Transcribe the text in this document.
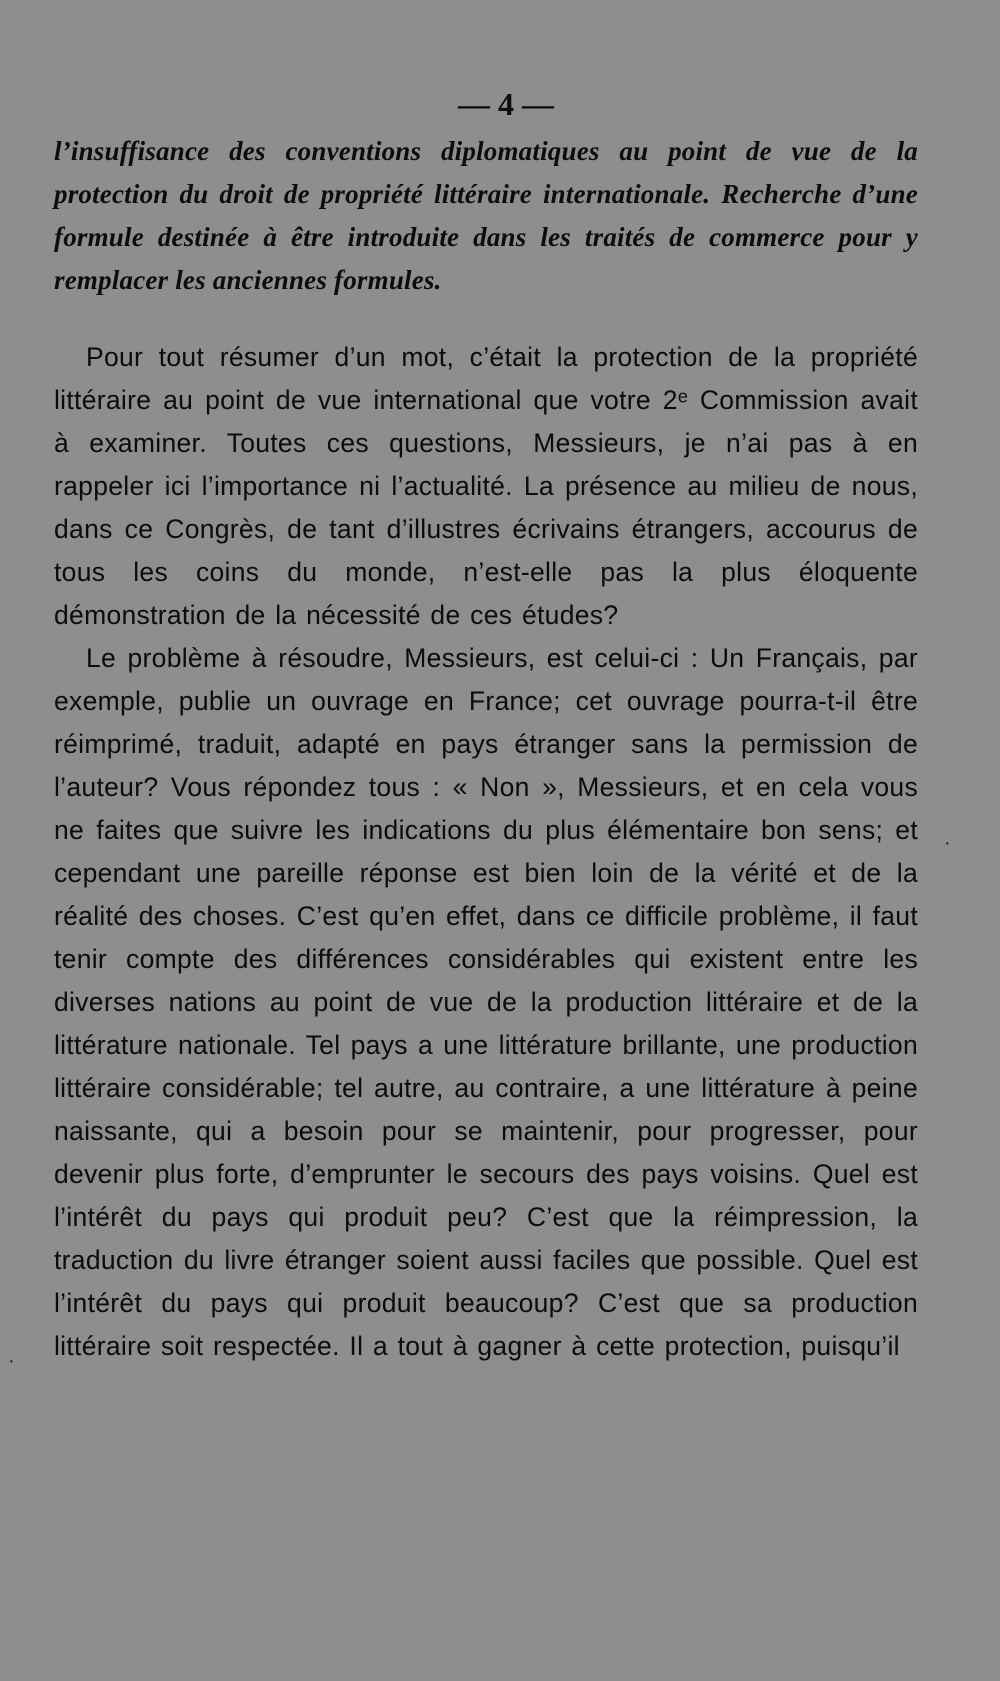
— 4 —

l’insuffisance des conventions diplomatiques au point de vue de la protection du droit de propriété littéraire internationale. Recherche d’une formule destinée à être introduite dans les traités de commerce pour y remplacer les anciennes formules.

Pour tout résumer d’un mot, c’était la protection de la propriété littéraire au point de vue international que votre 2ᵉ Commission avait à examiner. Toutes ces questions, Messieurs, je n’ai pas à en rappeler ici l’importance ni l’actualité. La présence au milieu de nous, dans ce Congrès, de tant d’illustres écrivains étrangers, accourus de tous les coins du monde, n’est-elle pas la plus éloquente démonstration de la nécessité de ces études?

Le problème à résoudre, Messieurs, est celui-ci : Un Français, par exemple, publie un ouvrage en France; cet ouvrage pourra-t-il être réimprimé, traduit, adapté en pays étranger sans la permission de l’auteur? Vous répondez tous : « Non », Messieurs, et en cela vous ne faites que suivre les indications du plus élémentaire bon sens; et cependant une pareille réponse est bien loin de la vérité et de la réalité des choses. C’est qu’en effet, dans ce difficile problème, il faut tenir compte des différences considérables qui existent entre les diverses nations au point de vue de la production littéraire et de la littérature nationale. Tel pays a une littérature brillante, une production littéraire considérable; tel autre, au contraire, a une littérature à peine naissante, qui a besoin pour se maintenir, pour progresser, pour devenir plus forte, d’emprunter le secours des pays voisins. Quel est l’intérêt du pays qui produit peu? C’est que la réimpression, la traduction du livre étranger soient aussi faciles que possible. Quel est l’intérêt du pays qui produit beaucoup? C’est que sa production littéraire soit respectée. Il a tout à gagner à cette protection, puisqu’il

·
·
